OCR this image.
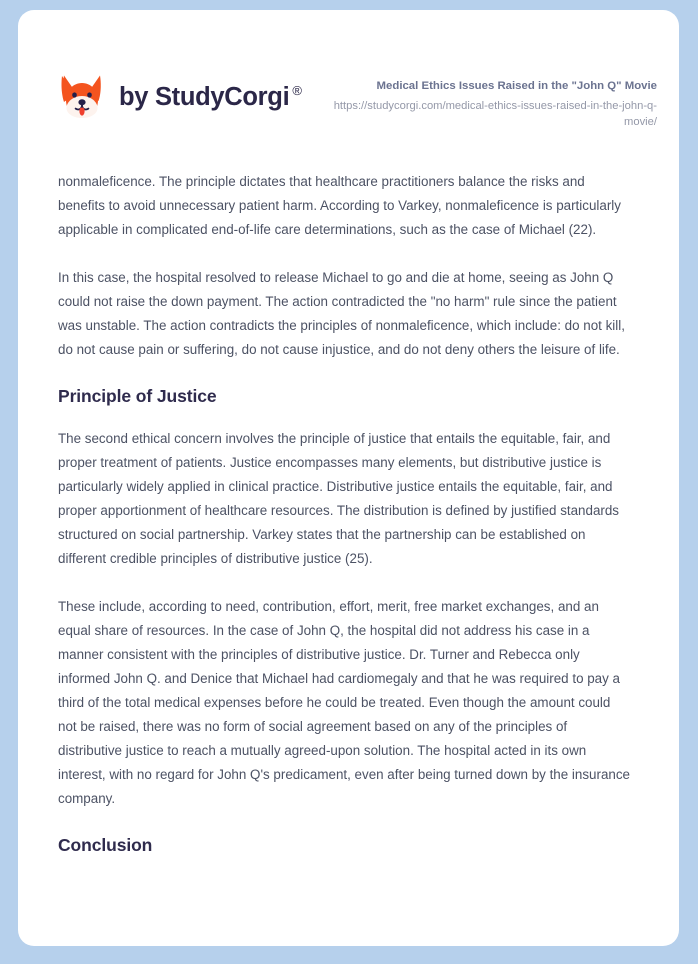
by StudyCorgi ®	Medical Ethics Issues Raised in the "John Q" Movie

https://studycorgi.com/medical-ethics-issues-raised-in-the-john-q-movie/

nonmaleficence. The principle dictates that healthcare practitioners balance the risks and benefits to avoid unnecessary patient harm. According to Varkey, nonmaleficence is particularly applicable in complicated end-of-life care determinations, such as the case of Michael (22).

In this case, the hospital resolved to release Michael to go and die at home, seeing as John Q could not raise the down payment. The action contradicted the "no harm" rule since the patient was unstable. The action contradicts the principles of nonmaleficence, which include: do not kill, do not cause pain or suffering, do not cause injustice, and do not deny others the leisure of life.

Principle of Justice

The second ethical concern involves the principle of justice that entails the equitable, fair, and proper treatment of patients. Justice encompasses many elements, but distributive justice is particularly widely applied in clinical practice. Distributive justice entails the equitable, fair, and proper apportionment of healthcare resources. The distribution is defined by justified standards structured on social partnership. Varkey states that the partnership can be established on different credible principles of distributive justice (25).

These include, according to need, contribution, effort, merit, free market exchanges, and an equal share of resources. In the case of John Q, the hospital did not address his case in a manner consistent with the principles of distributive justice. Dr. Turner and Rebecca only informed John Q. and Denice that Michael had cardiomegaly and that he was required to pay a third of the total medical expenses before he could be treated. Even though the amount could not be raised, there was no form of social agreement based on any of the principles of distributive justice to reach a mutually agreed-upon solution. The hospital acted in its own interest, with no regard for John Q's predicament, even after being turned down by the insurance company.

Conclusion
